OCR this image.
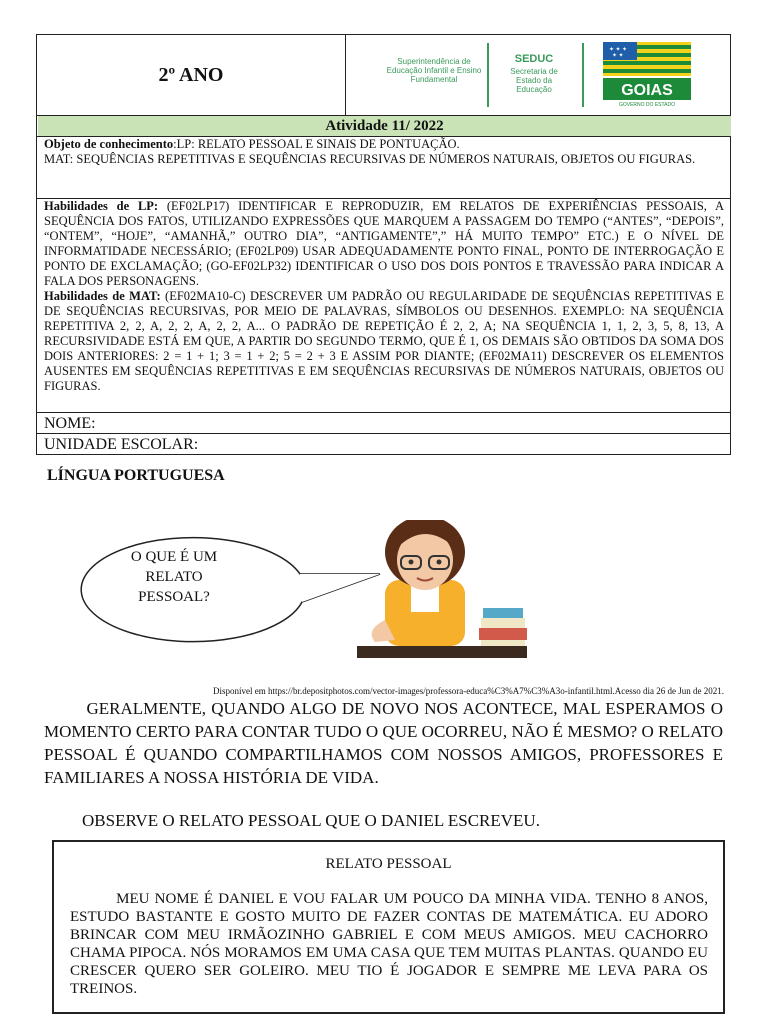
2º ANO
Superintendência de Educação Infantil e Ensino Fundamental
SEDUC
Secretaria de Estado da Educação
✦ ✦ ✦
✦ ✦
GOIAS
GOVERNO DO ESTADO
Atividade 11/ 2022
Objeto de conhecimento:LP: RELATO PESSOAL E SINAIS DE PONTUAÇÃO.
MAT: SEQUÊNCIAS REPETITIVAS E SEQUÊNCIAS RECURSIVAS DE NÚMEROS NATURAIS, OBJETOS OU FIGURAS.
Habilidades de LP: (EF02LP17) IDENTIFICAR E REPRODUZIR, EM RELATOS DE EXPERIÊNCIAS PESSOAIS, A SEQUÊNCIA DOS FATOS, UTILIZANDO EXPRESSÕES QUE MARQUEM A PASSAGEM DO TEMPO (“ANTES”, “DEPOIS”, “ONTEM”, “HOJE”, “AMANHÃ,” OUTRO DIA”, “ANTIGAMENTE”,” HÁ MUITO TEMPO” ETC.) E O NÍVEL DE INFORMATIDADE NECESSÁRIO; (EF02LP09) USAR ADEQUADAMENTE PONTO FINAL, PONTO DE INTERROGAÇÃO E PONTO DE EXCLAMAÇÃO; (GO-EF02LP32) IDENTIFICAR O USO DOS DOIS PONTOS E TRAVESSÃO PARA INDICAR A FALA DOS PERSONAGENS.
Habilidades de MAT: (EF02MA10-C) DESCREVER UM PADRÃO OU REGULARIDADE DE SEQUÊNCIAS REPETITIVAS E DE SEQUÊNCIAS RECURSIVAS, POR MEIO DE PALAVRAS, SÍMBOLOS OU DESENHOS. EXEMPLO: NA SEQUÊNCIA REPETITIVA 2, 2, A, 2, 2, A, 2, 2, A... O PADRÃO DE REPETIÇÃO É 2, 2, A; NA SEQUÊNCIA 1, 1, 2, 3, 5, 8, 13, A RECURSIVIDADE ESTÁ EM QUE, A PARTIR DO SEGUNDO TERMO, QUE É 1, OS DEMAIS SÃO OBTIDOS DA SOMA DOS DOIS ANTERIORES: 2 = 1 + 1; 3 = 1 + 2; 5 = 2 + 3 E ASSIM POR DIANTE; (EF02MA11) DESCREVER OS ELEMENTOS AUSENTES EM SEQUÊNCIAS REPETITIVAS E EM SEQUÊNCIAS RECURSIVAS DE NÚMEROS NATURAIS, OBJETOS OU FIGURAS.
NOME:
UNIDADE ESCOLAR:
LÍNGUA PORTUGUESA
O QUE É UM RELATO PESSOAL?
Disponível em https://br.depositphotos.com/vector-images/professora-educa%C3%A7%C3%A3o-infantil.html.Acesso dia 26 de Jun de 2021.
GERALMENTE, QUANDO ALGO DE NOVO NOS ACONTECE, MAL ESPERAMOS O MOMENTO CERTO PARA CONTAR TUDO O QUE OCORREU, NÃO É MESMO? O RELATO PESSOAL É QUANDO COMPARTILHAMOS COM NOSSOS AMIGOS, PROFESSORES E FAMILIARES A NOSSA HISTÓRIA DE VIDA.
OBSERVE O RELATO PESSOAL QUE O DANIEL ESCREVEU.
RELATO PESSOAL
MEU NOME É DANIEL E VOU FALAR UM POUCO DA MINHA VIDA. TENHO 8 ANOS, ESTUDO BASTANTE E GOSTO MUITO DE FAZER CONTAS DE MATEMÁTICA. EU ADORO BRINCAR COM MEU IRMÃOZINHO GABRIEL E COM MEUS AMIGOS. MEU CACHORRO CHAMA PIPOCA. NÓS MORAMOS EM UMA CASA QUE TEM MUITAS PLANTAS. QUANDO EU CRESCER QUERO SER GOLEIRO. MEU TIO É JOGADOR E SEMPRE ME LEVA PARA OS TREINOS.
